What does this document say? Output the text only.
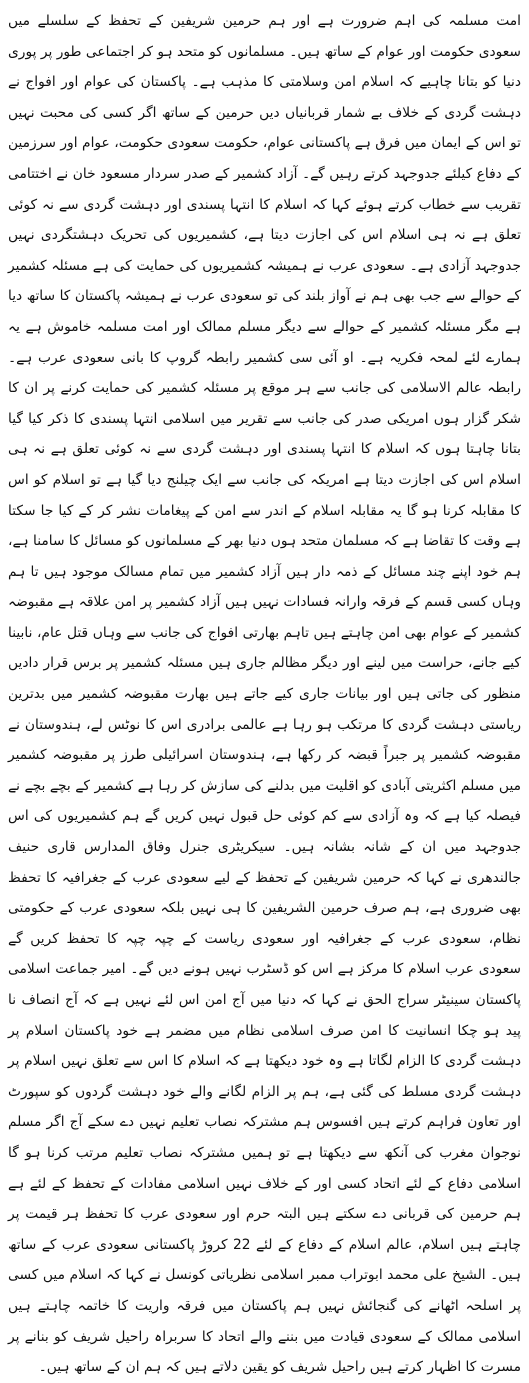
امت مسلمہ کی اہم ضرورت ہے اور ہم حرمین شریفین کے تحفظ کے سلسلے میں سعودی حکومت اور عوام کے ساتھ ہیں۔ مسلمانوں کو متحد ہو کر اجتماعی طور پر پوری دنیا کو بتانا چاہیے کہ اسلام امن وسلامتی کا مذہب ہے۔ پاکستان کی عوام اور افواج نے دہشت گردی کے خلاف بے شمار قربانیاں دیں حرمین کے ساتھ اگر کسی کی محبت نہیں تو اس کے ایمان میں فرق ہے پاکستانی عوام، حکومت سعودی حکومت، عوام اور سرزمین کے دفاع کیلئے جدوجہد کرتے رہیں گے۔ آزاد کشمیر کے صدر سردار مسعود خان نے اختتامی تقریب سے خطاب کرتے ہوئے کہا کہ اسلام کا انتہا پسندی اور دہشت گردی سے نہ کوئی تعلق ہے نہ ہی اسلام اس کی اجازت دیتا ہے، کشمیریوں کی تحریک دہشتگردی نہیں جدوجہد آزادی ہے۔ سعودی عرب نے ہمیشہ کشمیریوں کی حمایت کی ہے مسئلہ کشمیر کے حوالے سے جب بھی ہم نے آواز بلند کی تو سعودی عرب نے ہمیشہ پاکستان کا ساتھ دیا ہے مگر مسئلہ کشمیر کے حوالے سے دیگر مسلم ممالک اور امت مسلمہ خاموش ہے یہ ہمارے لئے لمحہ فکریہ ہے۔ او آئی سی کشمیر رابطہ گروپ کا بانی سعودی عرب ہے۔ رابطہ عالم الاسلامی کی جانب سے ہر موقع پر مسئلہ کشمیر کی حمایت کرنے پر ان کا شکر گزار ہوں امریکی صدر کی جانب سے تقریر میں اسلامی انتہا پسندی کا ذکر کیا گیا بتانا چاہتا ہوں کہ اسلام کا انتہا پسندی اور دہشت گردی سے نہ کوئی تعلق ہے نہ ہی اسلام اس کی اجازت دیتا ہے امریکہ کی جانب سے ایک چیلنج دیا گیا ہے تو اسلام کو اس کا مقابلہ کرنا ہو گا یہ مقابلہ اسلام کے اندر سے امن کے پیغامات نشر کر کے کیا جا سکتا ہے وقت کا تقاضا ہے کہ مسلمان متحد ہوں دنیا بھر کے مسلمانوں کو مسائل کا سامنا ہے، ہم خود اپنے چند مسائل کے ذمہ دار ہیں آزاد کشمیر میں تمام مسالک موجود ہیں تا ہم وہاں کسی قسم کے فرقہ وارانہ فسادات نہیں ہیں آزاد کشمیر پر امن علاقہ ہے مقبوضہ کشمیر کے عوام بھی امن چاہتے ہیں تاہم بھارتی افواج کی جانب سے وہاں قتل عام، نابینا کیے جانے، حراست میں لینے اور دیگر مظالم جاری ہیں مسئلہ کشمیر پر برس قرار دادیں منظور کی جاتی ہیں اور بیانات جاری کیے جاتے ہیں بھارت مقبوضہ کشمیر میں بدترین ریاستی دہشت گردی کا مرتکب ہو رہا ہے عالمی برادری اس کا نوٹس لے، ہندوستان نے مقبوضہ کشمیر پر جبراً قبضہ کر رکھا ہے، ہندوستان اسرائیلی طرز پر مقبوضہ کشمیر میں مسلم اکثریتی آبادی کو اقلیت میں بدلنے کی سازش کر رہا ہے کشمیر کے بچے بچے نے فیصلہ کیا ہے کہ وہ آزادی سے کم کوئی حل قبول نہیں کریں گے ہم کشمیریوں کی اس جدوجہد میں ان کے شانہ بشانہ ہیں۔ سیکریٹری جنرل وفاق المدارس قاری حنیف جالندھری نے کہا کہ حرمین شریفین کے تحفظ کے لیے سعودی عرب کے جغرافیہ کا تحفظ بھی ضروری ہے، ہم صرف حرمین الشریفین کا ہی نہیں بلکہ سعودی عرب کے حکومتی نظام، سعودی عرب کے جغرافیہ اور سعودی ریاست کے چپہ چپہ کا تحفظ کریں گے سعودی عرب اسلام کا مرکز ہے اس کو ڈسٹرب نہیں ہونے دیں گے۔ امیر جماعت اسلامی پاکستان سینیٹر سراج الحق نے کہا کہ دنیا میں آج امن اس لئے نہیں ہے کہ آج انصاف نا پید ہو چکا انسانیت کا امن صرف اسلامی نظام میں مضمر ہے خود پاکستان اسلام پر دہشت گردی کا الزام لگاتا ہے وہ خود دیکھتا ہے کہ اسلام کا اس سے تعلق نہیں اسلام پر دہشت گردی مسلط کی گئی ہے، ہم پر الزام لگانے والے خود دہشت گردوں کو سپورٹ اور تعاون فراہم کرتے ہیں افسوس ہم مشترکہ نصاب تعلیم نہیں دے سکے آج اگر مسلم نوجوان مغرب کی آنکھ سے دیکھتا ہے تو ہمیں مشترکہ نصاب تعلیم مرتب کرنا ہو گا اسلامی دفاع کے لئے اتحاد کسی اور کے خلاف نہیں اسلامی مفادات کے تحفظ کے لئے ہے ہم حرمین کی قربانی دے سکتے ہیں البتہ حرم اور سعودی عرب کا تحفظ ہر قیمت پر چاہتے ہیں اسلام، عالم اسلام کے دفاع کے لئے 22 کروڑ پاکستانی سعودی عرب کے ساتھ ہیں۔ الشیخ علی محمد ابوتراب ممبر اسلامی نظریاتی کونسل نے کہا کہ اسلام میں کسی پر اسلحہ اٹھانے کی گنجائش نہیں ہم پاکستان میں فرقہ واریت کا خاتمہ چاہتے ہیں اسلامی ممالک کے سعودی قیادت میں بننے والے اتحاد کا سربراہ راحیل شریف کو بنانے پر مسرت کا اظہار کرتے ہیں راحیل شریف کو یقین دلاتے ہیں کہ ہم ان کے ساتھ ہیں۔
